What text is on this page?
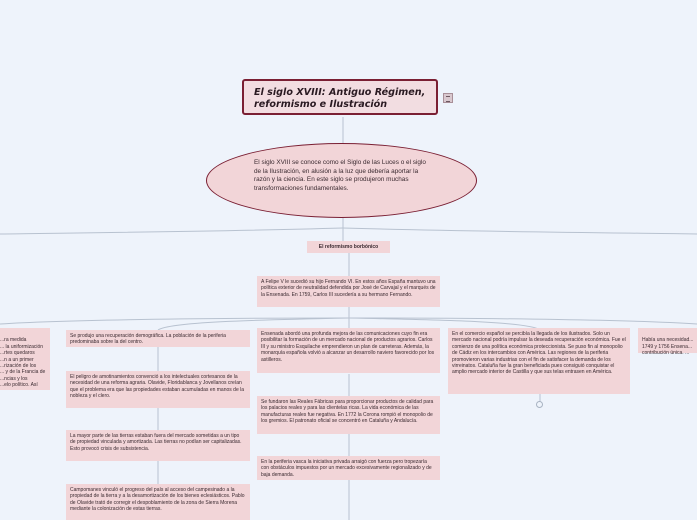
El siglo XVIII: Antiguo Régimen, reformismo e Ilustración
El siglo XVIII se conoce como el Siglo de las Luces o el siglo de la Ilustración, en alusión a la luz que debería aportar la razón y la ciencia. En este siglo se produjeron muchas transformaciones fundamentales.
El reformismo borbónico
A Felipe V le sucedió su hijo Fernando VI. En estos años España mantuvo una política exterior de neutralidad defendida por José de Carvajal y el marqués de la Ensenada. En 1759, Carlos III sucedería a su hermano Fernando.

...ra medida
... la uniformización
...rtes quedaros
...n a un primer
...rización de los
... y de la Francia de
...ncias y los
...elo político. Así

Se produjo una recuperación demográfica. La población de la periferia predominaba sobre la del centro.
El peligro de amotinamientos convenció a los intelectuales cortesanos de la necesidad de una reforma agraria. Olavide, Floridablanca y Jovellanos creían que el problema era que las propiedades estaban acumuladas en manos de la nobleza y el clero.
La mayor parte de las tierras estaban fuera del mercado sometidas a un tipo de propiedad vinculada y amortizada. Las tierras no podían ser capitalizadas. Esto provocó crisis de subsistencia.
Campomanes vinculó el progreso del país al acceso del campesinado a la propiedad de la tierra y a la desamortización de los bienes eclesiásticos. Pablo de Olavide trató de corregir el despoblamiento de la zona de Sierra Morena mediante la colonización de estas tierras.
Ensenada abordó una profunda mejora de las comunicaciones cuyo fin era posibilitar la formación de un mercado nacional de productos agrarios. Carlos III y su ministro Esquilache emprendieron un plan de carreteras. Además, la monarquía española volvió a alcanzar un desarrollo naviero favorecido por los astilleros.
Se fundaron las Reales Fábricas para proporcionar productos de calidad para los palacios reales y para las clientelas ricas. La vida económica de las manufacturas reales fue negativa. En 1772 la Corona rompió el monopolio de los gremios. El patronato oficial se concentró en Cataluña y Andalucía.
En la periferia vasca la iniciativa privada arraigó con fuerza pero tropezaría con obstáculos impuestos por un mercado excesivamente regionalizado y de baja demanda.
En el comercio español se percibía la llegada de los ilustrados. Solo un mercado nacional podría impulsar la deseada recuperación económica. Fue el comienzo de una política económica proteccionista. Se puso fin al monopolio de Cádiz en los intercambios con América. Las regiones de la periferia promovieron varias industrias con el fin de satisfacer la demanda de los virreinatos. Cataluña fue la gran beneficiada pues consiguió conquistar el amplio mercado interior de Castilla y que sus telas entrasen en América.

Había una necesidad...
1749 y 1756 Ensena...
contribución única. ...
